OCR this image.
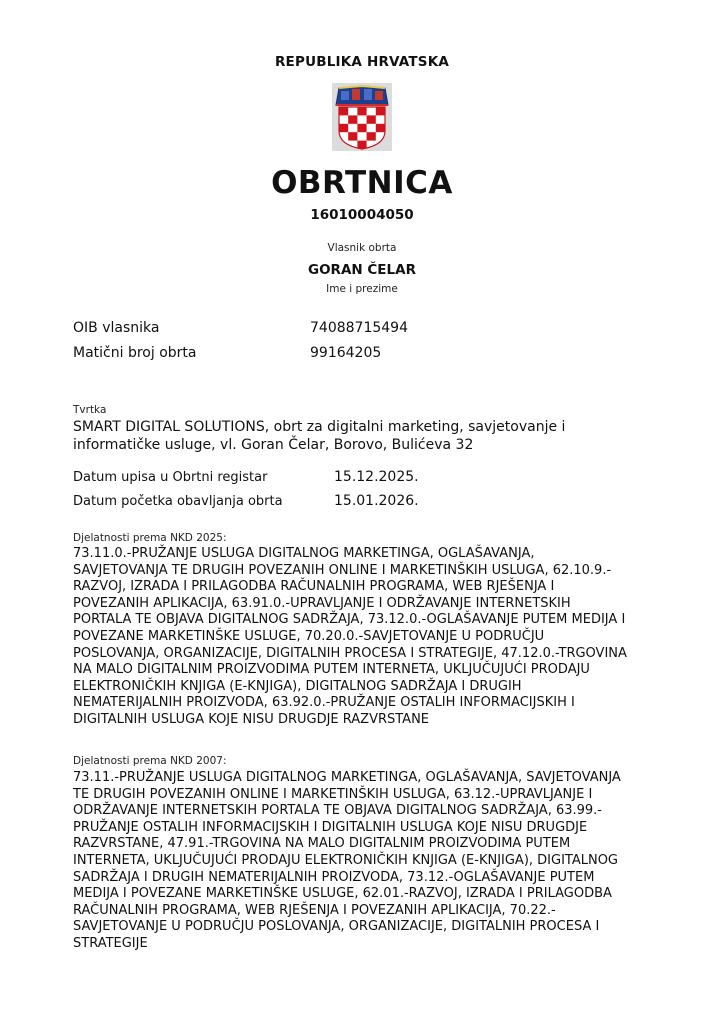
REPUBLIKA HRVATSKA
OBRTNICA
16010004050
Vlasnik obrta
GORAN ČELAR
Ime i prezime
OIB vlasnika	74088715494
Matični broj obrta	99164205
Tvrtka
SMART DIGITAL SOLUTIONS, obrt za digitalni marketing, savjetovanje i informatičke usluge, vl. Goran Čelar, Borovo, Bulićeva 32
Datum upisa u Obrtni registar	15.12.2025.
Datum početka obavljanja obrta	15.01.2026.
Djelatnosti prema NKD 2025:
73.11.0.-PRUŽANJE USLUGA DIGITALNOG MARKETINGA, OGLAŠAVANJA,
SAVJETOVANJA TE DRUGIH POVEZANIH ONLINE I MARKETINŠKIH USLUGA, 62.10.9.-
RAZVOJ, IZRADA I PRILAGODBA RAČUNALNIH PROGRAMA, WEB RJEŠENJA I
POVEZANIH APLIKACIJA, 63.91.0.-UPRAVLJANJE I ODRŽAVANJE INTERNETSKIH
PORTALA TE OBJAVA DIGITALNOG SADRŽAJA, 73.12.0.-OGLAŠAVANJE PUTEM MEDIJA I
POVEZANE MARKETINŠKE USLUGE, 70.20.0.-SAVJETOVANJE U PODRUČJU
POSLOVANJA, ORGANIZACIJE, DIGITALNIH PROCESA I STRATEGIJE, 47.12.0.-TRGOVINA
NA MALO DIGITALNIM PROIZVODIMA PUTEM INTERNETA, UKLJUČUJUĆI PRODAJU
ELEKTRONIČKIH KNJIGA (E-KNJIGA), DIGITALNOG SADRŽAJA I DRUGIH
NEMATERIJALNIH PROIZVODA, 63.92.0.-PRUŽANJE OSTALIH INFORMACIJSKIH I
DIGITALNIH USLUGA KOJE NISU DRUGDJE RAZVRSTANE
Djelatnosti prema NKD 2007:
73.11.-PRUŽANJE USLUGA DIGITALNOG MARKETINGA, OGLAŠAVANJA, SAVJETOVANJA
TE DRUGIH POVEZANIH ONLINE I MARKETINŠKIH USLUGA, 63.12.-UPRAVLJANJE I
ODRŽAVANJE INTERNETSKIH PORTALA TE OBJAVA DIGITALNOG SADRŽAJA, 63.99.-
PRUŽANJE OSTALIH INFORMACIJSKIH I DIGITALNIH USLUGA KOJE NISU DRUGDJE
RAZVRSTANE, 47.91.-TRGOVINA NA MALO DIGITALNIM PROIZVODIMA PUTEM
INTERNETA, UKLJUČUJUĆI PRODAJU ELEKTRONIČKIH KNJIGA (E-KNJIGA), DIGITALNOG
SADRŽAJA I DRUGIH NEMATERIJALNIH PROIZVODA, 73.12.-OGLAŠAVANJE PUTEM
MEDIJA I POVEZANE MARKETINŠKE USLUGE, 62.01.-RAZVOJ, IZRADA I PRILAGODBA
RAČUNALNIH PROGRAMA, WEB RJEŠENJA I POVEZANIH APLIKACIJA, 70.22.-
SAVJETOVANJE U PODRUČJU POSLOVANJA, ORGANIZACIJE, DIGITALNIH PROCESA I
STRATEGIJE
